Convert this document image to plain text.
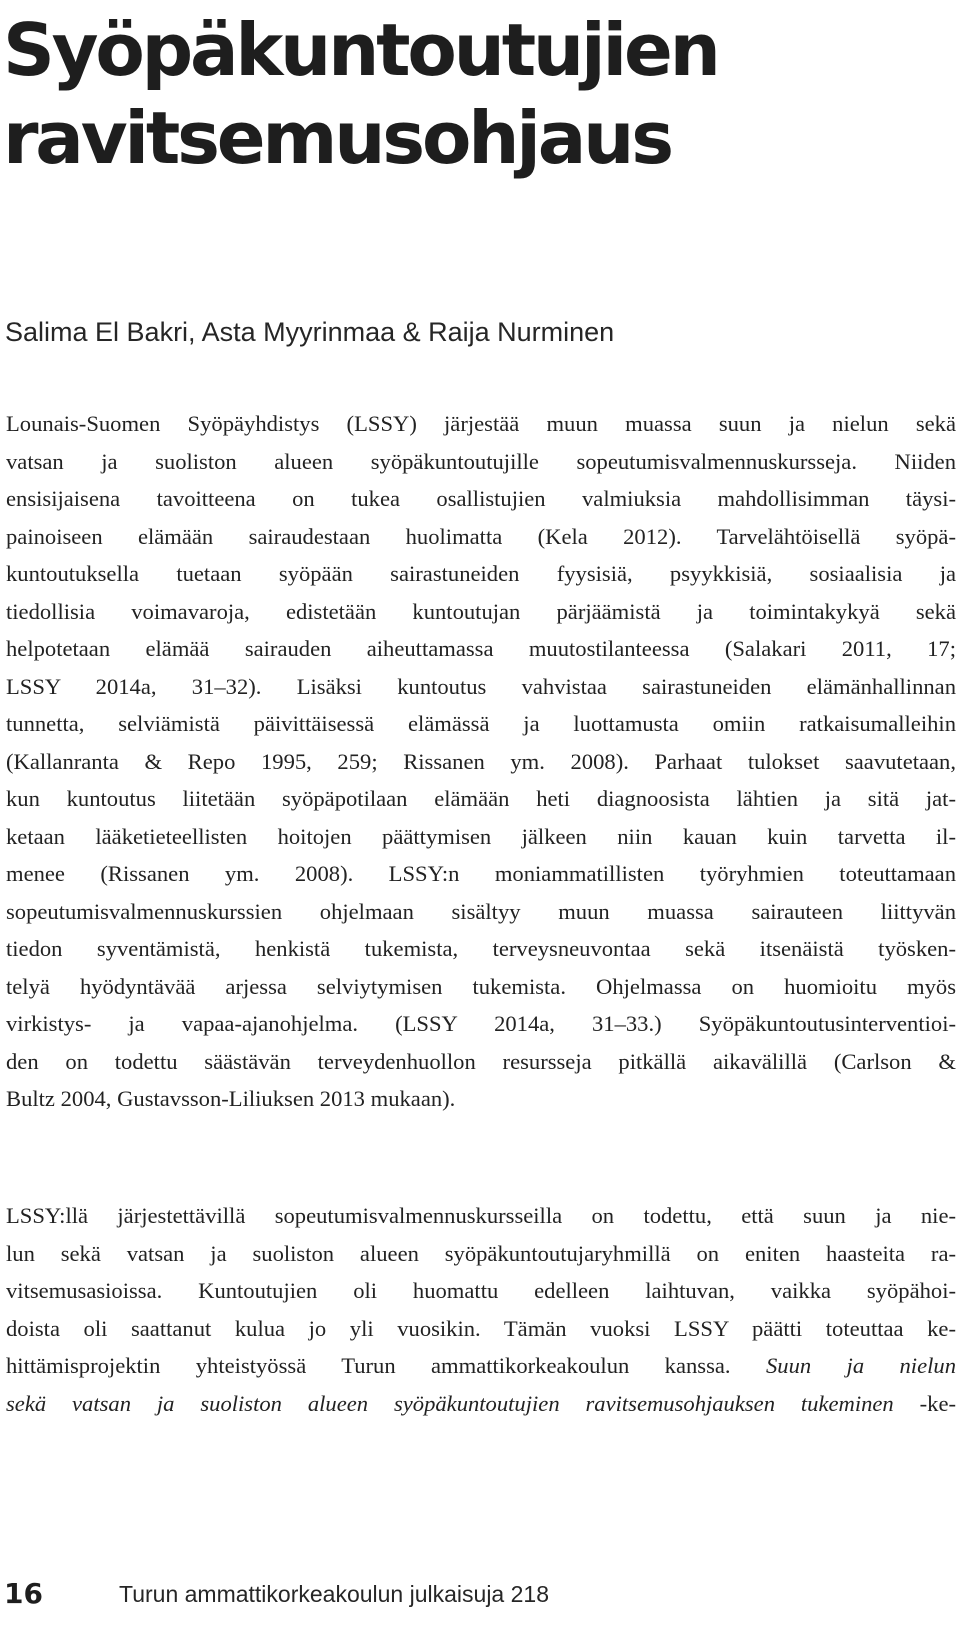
Syöpäkuntoutujien
ravitsemusohjaus

Salima El Bakri, Asta Myyrinmaa & Raija Nurminen

Lounais-Suomen Syöpäyhdistys (LSSY) järjestää muun muassa suun ja nielun sekä
vatsan ja suoliston alueen syöpäkuntoutujille sopeutumisvalmennuskursseja. Niiden
ensisijaisena tavoitteena on tukea osallistujien valmiuksia mahdollisimman täysi-
painoiseen elämään sairaudestaan huolimatta (Kela 2012). Tarvelähtöisellä syöpä-
kuntoutuksella tuetaan syöpään sairastuneiden fyysisiä, psyykkisiä, sosiaalisia ja
tiedollisia voimavaroja, edistetään kuntoutujan pärjäämistä ja toimintakykyä sekä
helpotetaan elämää sairauden aiheuttamassa muutostilanteessa (Salakari 2011, 17;
LSSY 2014a, 31–32). Lisäksi kuntoutus vahvistaa sairastuneiden elämänhallinnan
tunnetta, selviämistä päivittäisessä elämässä ja luottamusta omiin ratkaisumalleihin
(Kallanranta & Repo 1995, 259; Rissanen ym. 2008). Parhaat tulokset saavutetaan,
kun kuntoutus liitetään syöpäpotilaan elämään heti diagnoosista lähtien ja sitä jat-
ketaan lääketieteellisten hoitojen päättymisen jälkeen niin kauan kuin tarvetta il-
menee (Rissanen ym. 2008). LSSY:n moniammatillisten työryhmien toteuttamaan
sopeutumisvalmennuskurssien ohjelmaan sisältyy muun muassa sairauteen liittyvän
tiedon syventämistä, henkistä tukemista, terveysneuvontaa sekä itsenäistä työsken-
telyä hyödyntävää arjessa selviytymisen tukemista. Ohjelmassa on huomioitu myös
virkistys- ja vapaa-ajanohjelma. (LSSY 2014a, 31–33.) Syöpäkuntoutusinterventioi-
den on todettu säästävän terveydenhuollon resursseja pitkällä aikavälillä (Carlson &
Bultz 2004, Gustavsson-Liliuksen 2013 mukaan).
LSSY:llä järjestettävillä sopeutumisvalmennuskursseilla on todettu, että suun ja nie-
lun sekä vatsan ja suoliston alueen syöpäkuntoutujaryhmillä on eniten haasteita ra-
vitsemusasioissa. Kuntoutujien oli huomattu edelleen laihtuvan, vaikka syöpähoi-
doista oli saattanut kulua jo yli vuosikin. Tämän vuoksi LSSY päätti toteuttaa ke-
hittämisprojektin yhteistyössä Turun ammattikorkeakoulun kanssa. Suun ja nielun
sekä vatsan ja suoliston alueen syöpäkuntoutujien ravitsemusohjauksen tukeminen -ke-
16	Turun ammattikorkeakoulun julkaisuja 218
